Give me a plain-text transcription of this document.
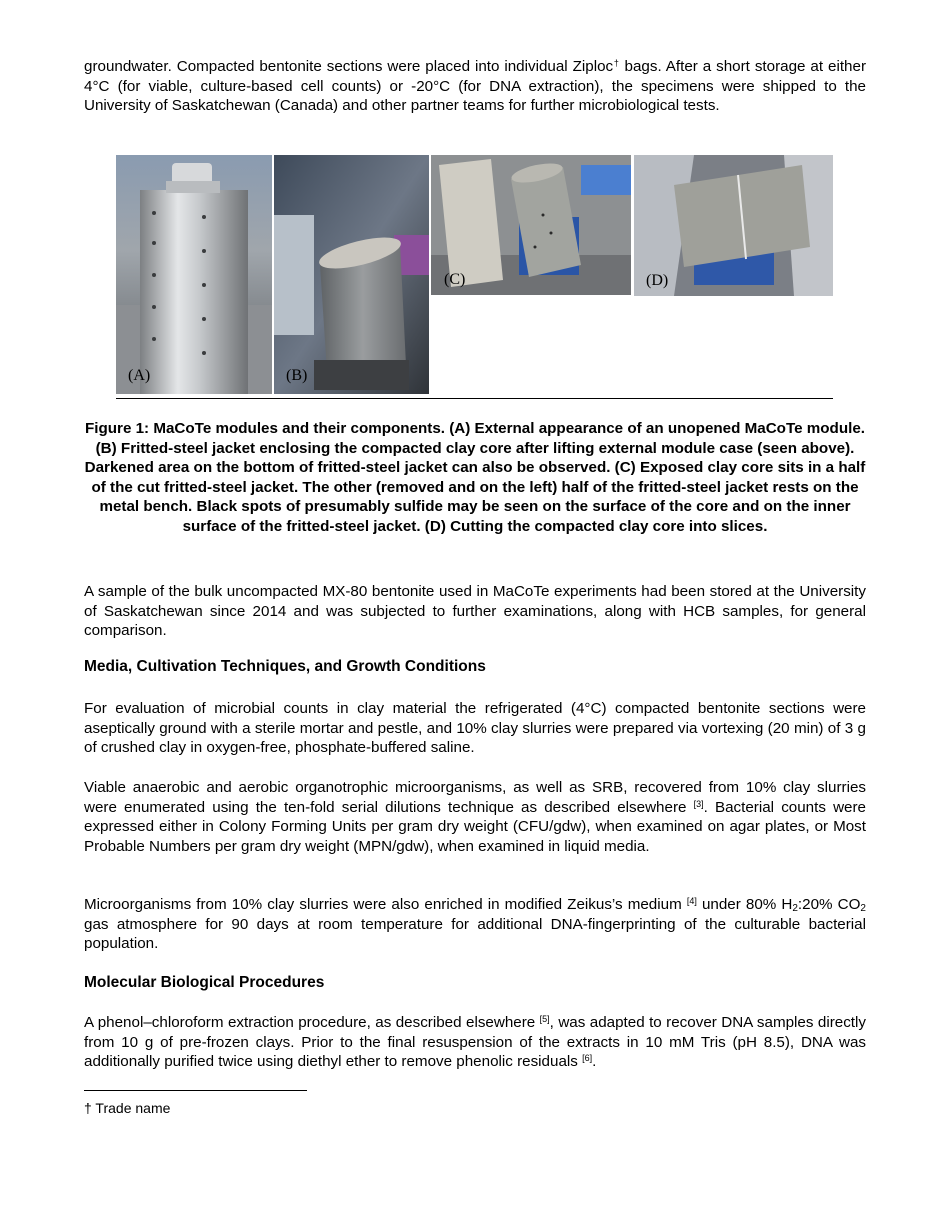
groundwater. Compacted bentonite sections were placed into individual Ziploc† bags. After a short storage at either 4°C (for viable, culture-based cell counts) or -20°C (for DNA extraction), the specimens were shipped to the University of Saskatchewan (Canada) and other partner teams for further microbiological tests.

(A)	(B)
(C)	(D)

Figure 1: MaCoTe modules and their components. (A) External appearance of an unopened MaCoTe module. (B) Fritted-steel jacket enclosing the compacted clay core after lifting external module case (seen above). Darkened area on the bottom of fritted-steel jacket can also be observed. (C) Exposed clay core sits in a half of the cut fritted-steel jacket. The other (removed and on the left) half of the fritted-steel jacket rests on the metal bench. Black spots of presumably sulfide may be seen on the surface of the core and on the inner surface of the fritted-steel jacket. (D) Cutting the compacted clay core into slices.

A sample of the bulk uncompacted MX-80 bentonite used in MaCoTe experiments had been stored at the University of Saskatchewan since 2014 and was subjected to further examinations, along with HCB samples, for general comparison.

Media, Cultivation Techniques, and Growth Conditions

For evaluation of microbial counts in clay material the refrigerated (4°C) compacted bentonite sections were aseptically ground with a sterile mortar and pestle, and 10% clay slurries were prepared via vortexing (20 min) of 3 g of crushed clay in oxygen-free, phosphate-buffered saline.

Viable anaerobic and aerobic organotrophic microorganisms, as well as SRB, recovered from 10% clay slurries were enumerated using the ten-fold serial dilutions technique as described elsewhere [3]. Bacterial counts were expressed either in Colony Forming Units per gram dry weight (CFU/gdw), when examined on agar plates, or Most Probable Numbers per gram dry weight (MPN/gdw), when examined in liquid media.

Microorganisms from 10% clay slurries were also enriched in modified Zeikus’s medium [4] under 80% $H_2:20\%$ $CO_2$ gas atmosphere for 90 days at room temperature for additional DNA-fingerprinting of the culturable bacterial population.

Molecular Biological Procedures

A phenol–chloroform extraction procedure, as described elsewhere [5], was adapted to recover DNA samples directly from 10 g of pre-frozen clays. Prior to the final resuspension of the extracts in 10 mM Tris (pH 8.5), DNA was additionally purified twice using diethyl ether to remove phenolic residuals [6].

† Trade name
